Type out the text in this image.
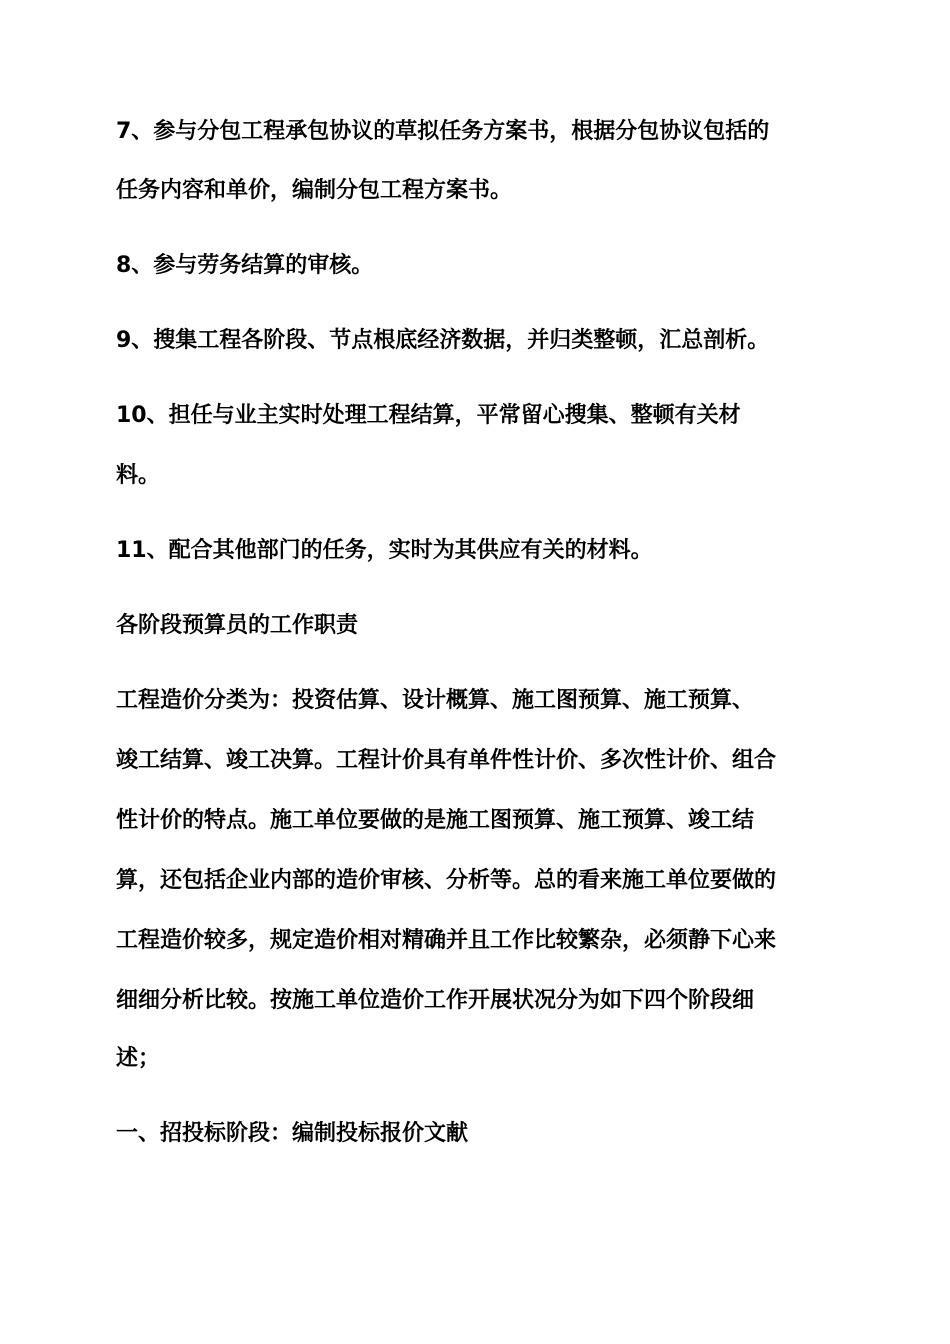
7、参与分包工程承包协议的草拟任务方案书，根据分包协议包括的

任务内容和单价，编制分包工程方案书。

8、参与劳务结算的审核。

9、搜集工程各阶段、节点根底经济数据，并归类整顿，汇总剖析。

10、担任与业主实时处理工程结算，平常留心搜集、整顿有关材

料。

11、配合其他部门的任务，实时为其供应有关的材料。

各阶段预算员的工作职责

工程造价分类为：投资估算、设计概算、施工图预算、施工预算、

竣工结算、竣工决算。工程计价具有单件性计价、多次性计价、组合

性计价的特点。施工单位要做的是施工图预算、施工预算、竣工结

算，还包括企业内部的造价审核、分析等。总的看来施工单位要做的

工程造价较多，规定造价相对精确并且工作比较繁杂，必须静下心来

细细分析比较。按施工单位造价工作开展状况分为如下四个阶段细

述；

一、招投标阶段：编制投标报价文献
